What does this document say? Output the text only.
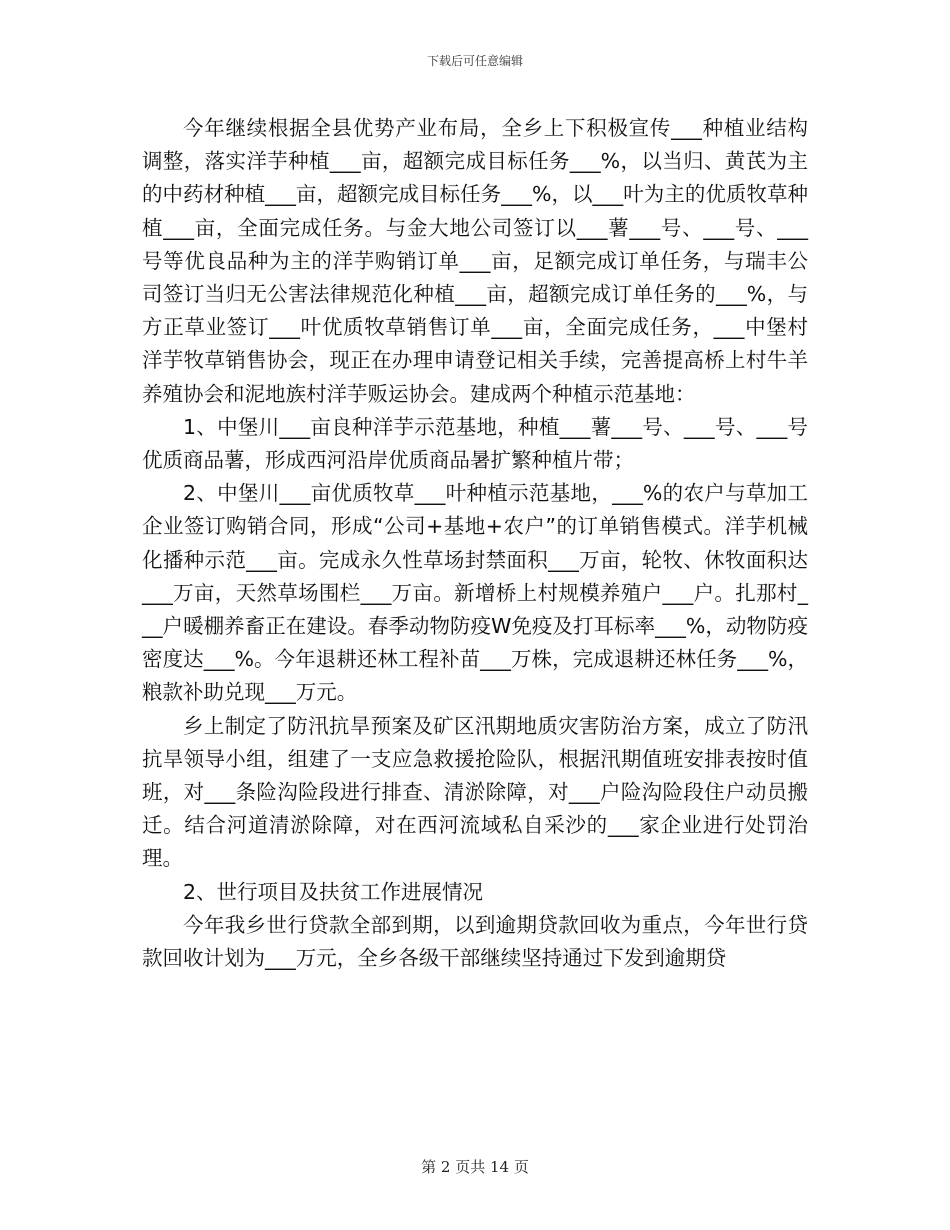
下载后可任意编辑

今年继续根据全县优势产业布局，全乡上下积极宣传___种植业结构调整，落实洋芋种植___亩，超额完成目标任务___%，以当归、黄芪为主的中药材种植___亩，超额完成目标任务___%，以___叶为主的优质牧草种植___亩，全面完成任务。与金大地公司签订以___薯___号、___号、___号等优良品种为主的洋芋购销订单___亩，足额完成订单任务，与瑞丰公司签订当归无公害法律规范化种植___亩，超额完成订单任务的___%，与方正草业签订___叶优质牧草销售订单___亩，全面完成任务，___中堡村洋芋牧草销售协会，现正在办理申请登记相关手续，完善提高桥上村牛羊养殖协会和泥地族村洋芋贩运协会。建成两个种植示范基地：

1、中堡川___亩良种洋芋示范基地，种植___薯___号、___号、___号优质商品薯，形成西河沿岸优质商品暑扩繁种植片带；

2、中堡川___亩优质牧草___叶种植示范基地，___%的农户与草加工企业签订购销合同，形成“公司+基地+农户”的订单销售模式。洋芋机械化播种示范___亩。完成永久性草场封禁面积___万亩，轮牧、休牧面积达___万亩，天然草场围栏___万亩。新增桥上村规模养殖户___户。扎那村___户暖棚养畜正在建设。春季动物防疫W免疫及打耳标率___%，动物防疫密度达___%。今年退耕还林工程补苗___万株，完成退耕还林任务___%，粮款补助兑现___万元。

乡上制定了防汛抗旱预案及矿区汛期地质灾害防治方案，成立了防汛抗旱领导小组，组建了一支应急救援抢险队，根据汛期值班安排表按时值班，对___条险沟险段进行排查、清淤除障，对___户险沟险段住户动员搬迁。结合河道清淤除障，对在西河流域私自采沙的___家企业进行处罚治理。

2、世行项目及扶贫工作进展情况

今年我乡世行贷款全部到期，以到逾期贷款回收为重点，今年世行贷款回收计划为___万元，全乡各级干部继续坚持通过下发到逾期贷

第 2 页共 14 页
